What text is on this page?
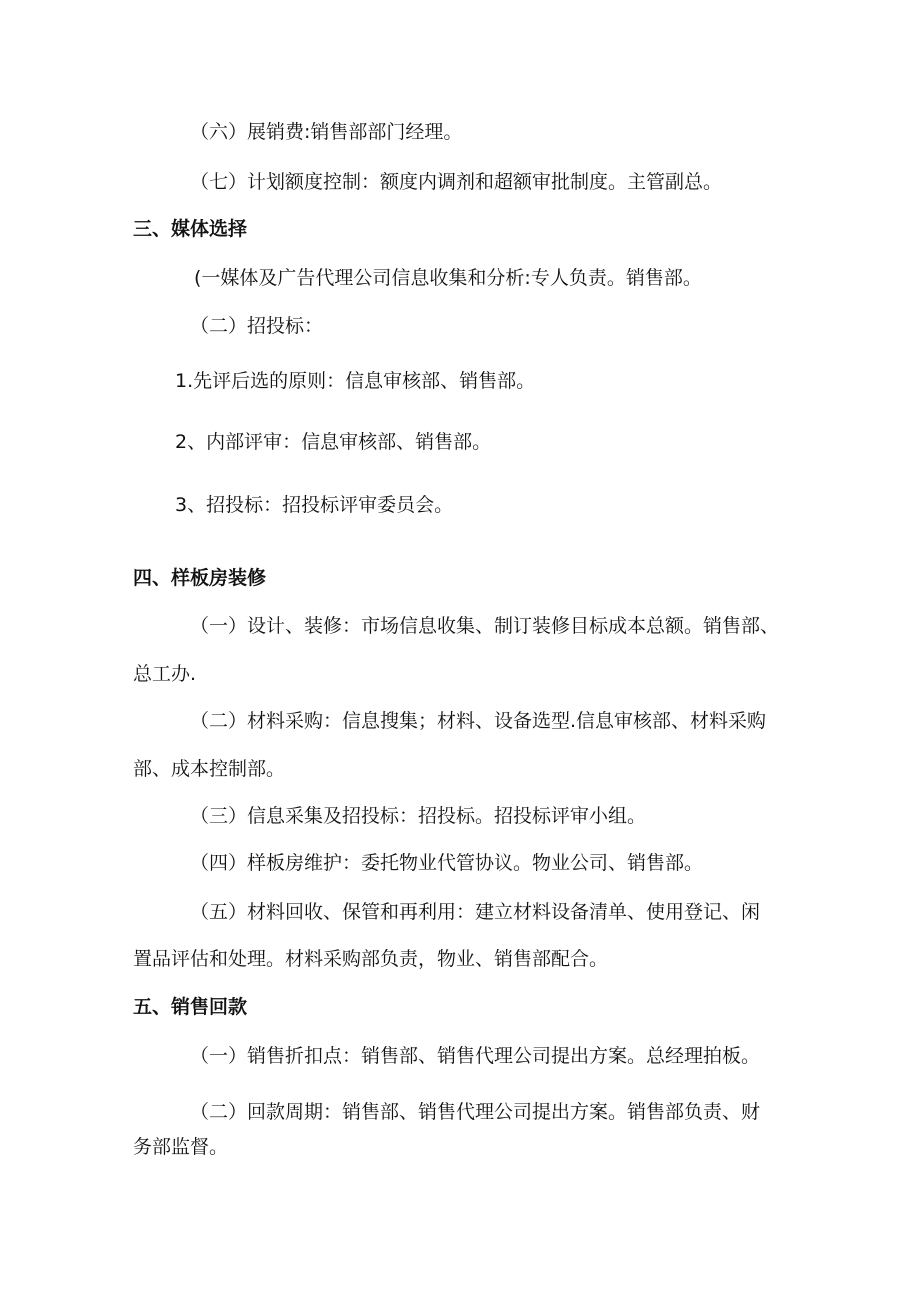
（六）展销费:销售部部门经理。
（七）计划额度控制：额度内调剂和超额审批制度。主管副总。
三、媒体选择
(一媒体及广告代理公司信息收集和分析:专人负责。销售部。
（二）招投标：
1.先评后选的原则：信息审核部、销售部。
2、内部评审：信息审核部、销售部。
3、招投标：招投标评审委员会。
四、样板房装修
（一）设计、装修：市场信息收集、制订装修目标成本总额。销售部、
总工办.
（二）材料采购：信息搜集；材料、设备选型.信息审核部、材料采购
部、成本控制部。
（三）信息采集及招投标：招投标。招投标评审小组。
（四）样板房维护：委托物业代管协议。物业公司、销售部。
（五）材料回收、保管和再利用：建立材料设备清单、使用登记、闲
置品评估和处理。材料采购部负责，物业、销售部配合。
五、销售回款
（一）销售折扣点：销售部、销售代理公司提出方案。总经理拍板。
（二）回款周期：销售部、销售代理公司提出方案。销售部负责、财
务部监督。
